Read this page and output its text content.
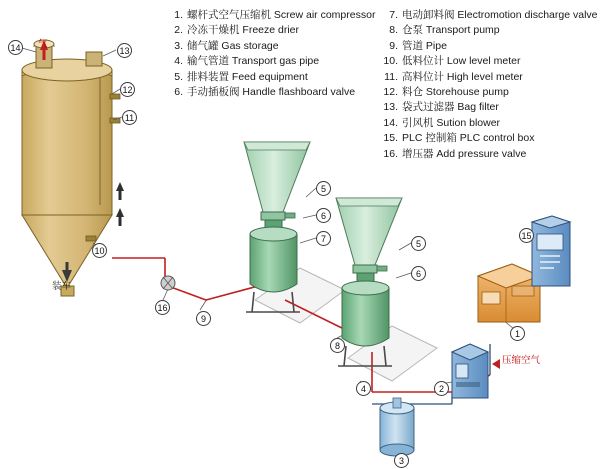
1. 螺杆式空气压缩机 Screw air compressor
2. 冷冻干燥机 Freeze drier
3. 储气罐 Gas storage
4. 输气管道 Transport gas pipe
5. 排料装置 Feed equipment
6. 手动插板阀 Handle flashboard valve
7. 电动卸料阀 Electromotion discharge valve
8. 仓泵 Transport pump
9. 管道 Pipe
10. 低料位计 Low level meter
11. 高料位计 High level meter
12. 料仓 Storehouse pump
13. 袋式过滤器 Bag filter
14. 引风机 Sution blower
15. PLC 控制箱 PLC control box
16. 增压器 Add pressure valve
14	13
12
11
10
16
9
5
6
7	5
6
8
15
4	2
3
1
气
装车
压缩空气
